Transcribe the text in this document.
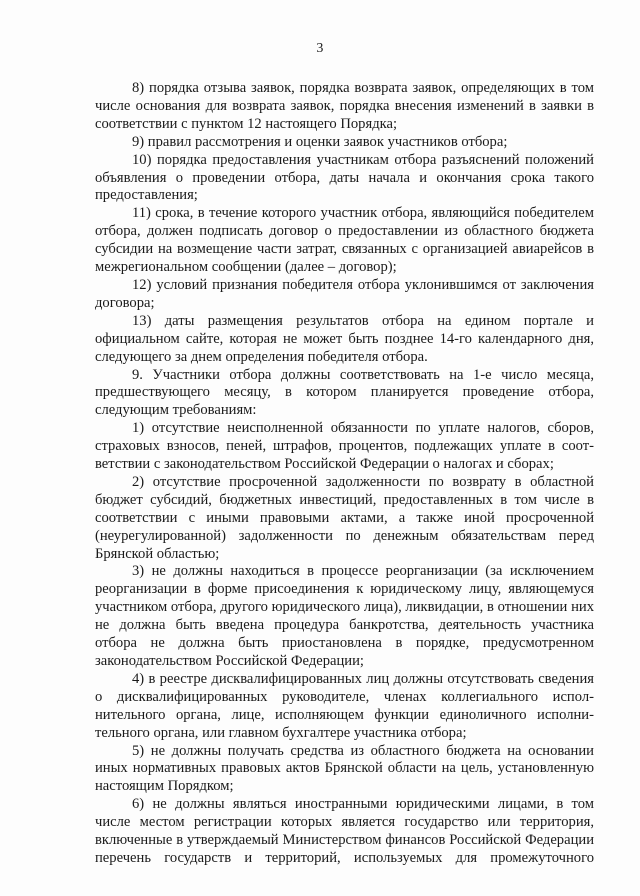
3

8) порядка отзыва заявок, порядка возврата заявок, определяющих в том числе основания для возврата заявок, порядка внесения изменений в заявки в соответствии с пунктом 12 настоящего Порядка;

9) правил рассмотрения и оценки заявок участников отбора;

10) порядка предоставления участникам отбора разъяснений положений объявления о проведении отбора, даты начала и окончания срока такого предоставления;

11) срока, в течение которого участник отбора, являющийся победителем отбора, должен подписать договор о предоставлении из областного бюджета субсидии на возмещение части затрат, связанных с организацией авиарейсов в межрегиональном сообщении (далее – договор);

12) условий признания победителя отбора уклонившимся от заключения договора;

13) даты размещения результатов отбора на едином портале и официальном сайте, которая не может быть позднее 14-го календарного дня, следующего за днем определения победителя отбора.

9. Участники отбора должны соответствовать на 1-е число месяца, предшествующего месяцу, в котором планируется проведение отбора, следующим требованиям:

1) отсутствие неисполненной обязанности по уплате налогов, сборов, страховых взносов, пеней, штрафов, процентов, подлежащих уплате в соответствии с законодательством Российской Федерации о налогах и сборах;

2) отсутствие просроченной задолженности по возврату в областной бюджет субсидий, бюджетных инвестиций, предоставленных в том числе в соответствии с иными правовыми актами, а также иной просроченной (неурегулированной) задолженности по денежным обязательствам перед Брянской областью;

3) не должны находиться в процессе реорганизации (за исключением реорганизации в форме присоединения к юридическому лицу, являющемуся участником отбора, другого юридического лица), ликвидации, в отношении них не должна быть введена процедура банкротства, деятельность участника отбора не должна быть приостановлена в порядке, предусмотренном законодательством Российской Федерации;

4) в реестре дисквалифицированных лиц должны отсутствовать сведения о дисквалифицированных руководителе, членах коллегиального исполнительного органа, лице, исполняющем функции единоличного исполнительного органа, или главном бухгалтере участника отбора;

5) не должны получать средства из областного бюджета на основании иных нормативных правовых актов Брянской области на цель, установленную настоящим Порядком;

6) не должны являться иностранными юридическими лицами, в том числе местом регистрации которых является государство или территория, включенные в утверждаемый Министерством финансов Российской Федерации перечень государств и территорий, используемых для промежуточного
